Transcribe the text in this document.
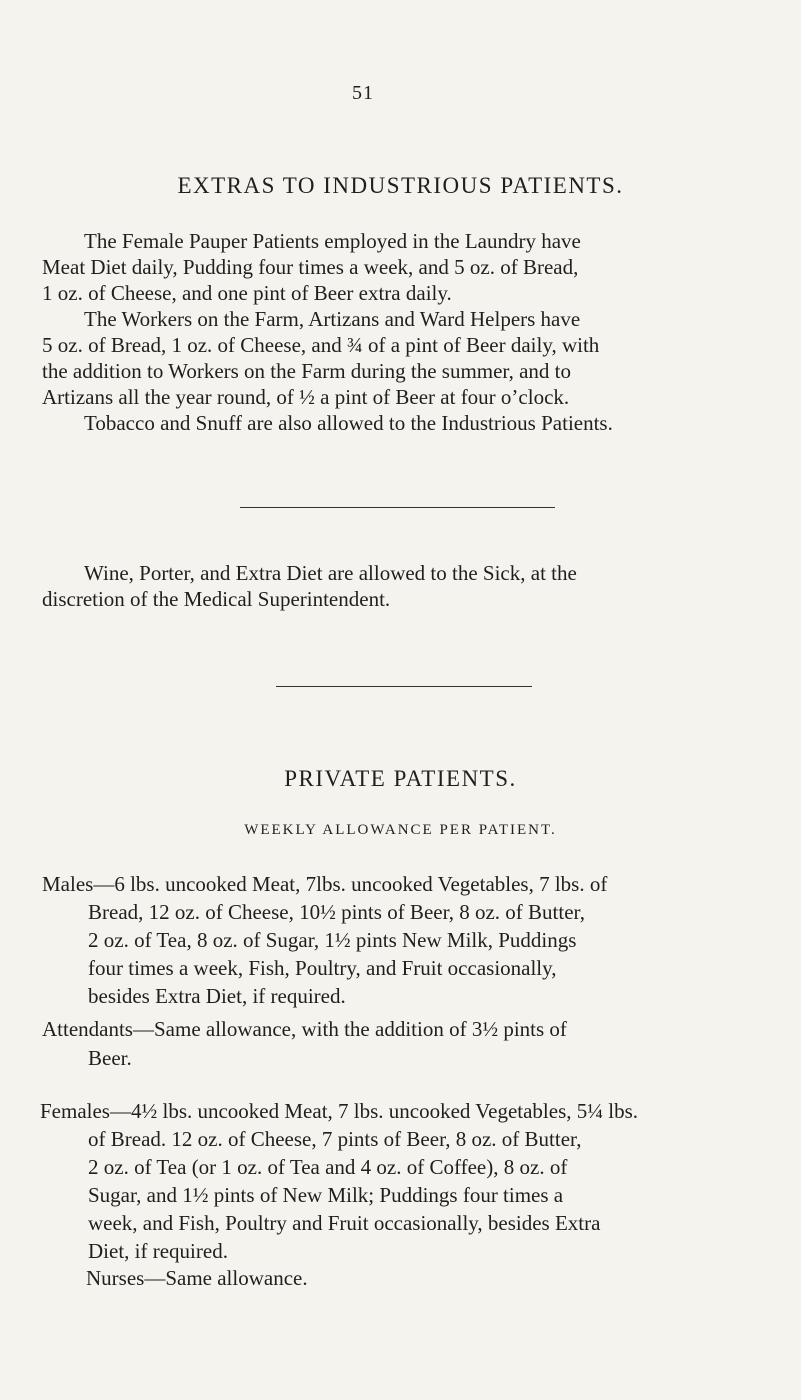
51
EXTRAS TO INDUSTRIOUS PATIENTS.

The Female Pauper Patients employed in the Laundry have
Meat Diet daily, Pudding four times a week, and 5 oz. of Bread,
1 oz. of Cheese, and one pint of Beer extra daily.

The Workers on the Farm, Artizans and Ward Helpers have
5 oz. of Bread, 1 oz. of Cheese, and ¾ of a pint of Beer daily, with
the addition to Workers on the Farm during the summer, and to
Artizans all the year round, of ½ a pint of Beer at four o’clock.

Tobacco and Snuff are also allowed to the Industrious Patients.

Wine, Porter, and Extra Diet are allowed to the Sick, at the
discretion of the Medical Superintendent.

PRIVATE PATIENTS.
WEEKLY ALLOWANCE PER PATIENT.

Males—6 lbs. uncooked Meat, 7lbs. uncooked Vegetables, 7 lbs. of
Bread, 12 oz. of Cheese, 10½ pints of Beer, 8 oz. of Butter,
2 oz. of Tea, 8 oz. of Sugar, 1½ pints New Milk, Puddings
four times a week, Fish, Poultry, and Fruit occasionally,
besides Extra Diet, if required.

Attendants—Same allowance, with the addition of 3½ pints of
Beer.

Females—4½ lbs. uncooked Meat, 7 lbs. uncooked Vegetables, 5¼ lbs.
of Bread. 12 oz. of Cheese, 7 pints of Beer, 8 oz. of Butter,
2 oz. of Tea (or 1 oz. of Tea and 4 oz. of Coffee), 8 oz. of
Sugar, and 1½ pints of New Milk; Puddings four times a
week, and Fish, Poultry and Fruit occasionally, besides Extra
Diet, if required.

Nurses—Same allowance.
